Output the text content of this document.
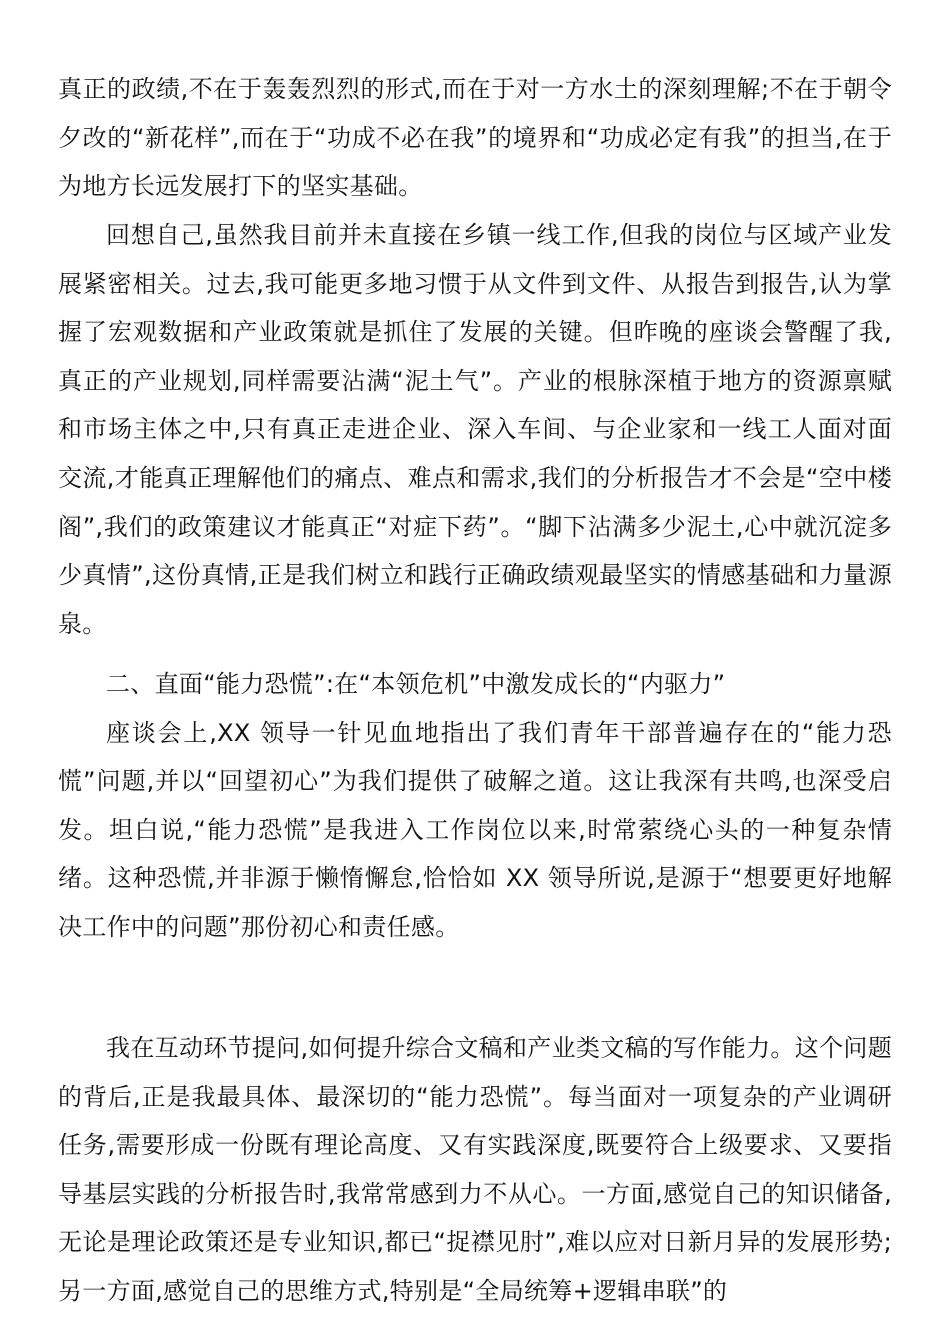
真正的政绩,不在于轰轰烈烈的形式,而在于对一方水土的深刻理解;不在于朝令夕改的“新花样”,而在于“功成不必在我”的境界和“功成必定有我”的担当,在于为地方长远发展打下的坚实基础。

回想自己,虽然我目前并未直接在乡镇一线工作,但我的岗位与区域产业发展紧密相关。过去,我可能更多地习惯于从文件到文件、从报告到报告,认为掌握了宏观数据和产业政策就是抓住了发展的关键。但昨晚的座谈会警醒了我,真正的产业规划,同样需要沾满“泥土气”。产业的根脉深植于地方的资源禀赋和市场主体之中,只有真正走进企业、深入车间、与企业家和一线工人面对面交流,才能真正理解他们的痛点、难点和需求,我们的分析报告才不会是“空中楼阁”,我们的政策建议才能真正“对症下药”。“脚下沾满多少泥土,心中就沉淀多少真情”,这份真情,正是我们树立和践行正确政绩观最坚实的情感基础和力量源泉。

二、直面“能力恐慌”:在“本领危机”中激发成长的“内驱力”

座谈会上,XX 领导一针见血地指出了我们青年干部普遍存在的“能力恐慌”问题,并以“回望初心”为我们提供了破解之道。这让我深有共鸣,也深受启发。坦白说,“能力恐慌”是我进入工作岗位以来,时常萦绕心头的一种复杂情绪。这种恐慌,并非源于懒惰懈怠,恰恰如 XX 领导所说,是源于“想要更好地解决工作中的问题”那份初心和责任感。

我在互动环节提问,如何提升综合文稿和产业类文稿的写作能力。这个问题的背后,正是我最具体、最深切的“能力恐慌”。每当面对一项复杂的产业调研任务,需要形成一份既有理论高度、又有实践深度,既要符合上级要求、又要指导基层实践的分析报告时,我常常感到力不从心。一方面,感觉自己的知识储备,无论是理论政策还是专业知识,都已“捉襟见肘”,难以应对日新月异的发展形势;另一方面,感觉自己的思维方式,特别是“全局统筹+逻辑串联”的
